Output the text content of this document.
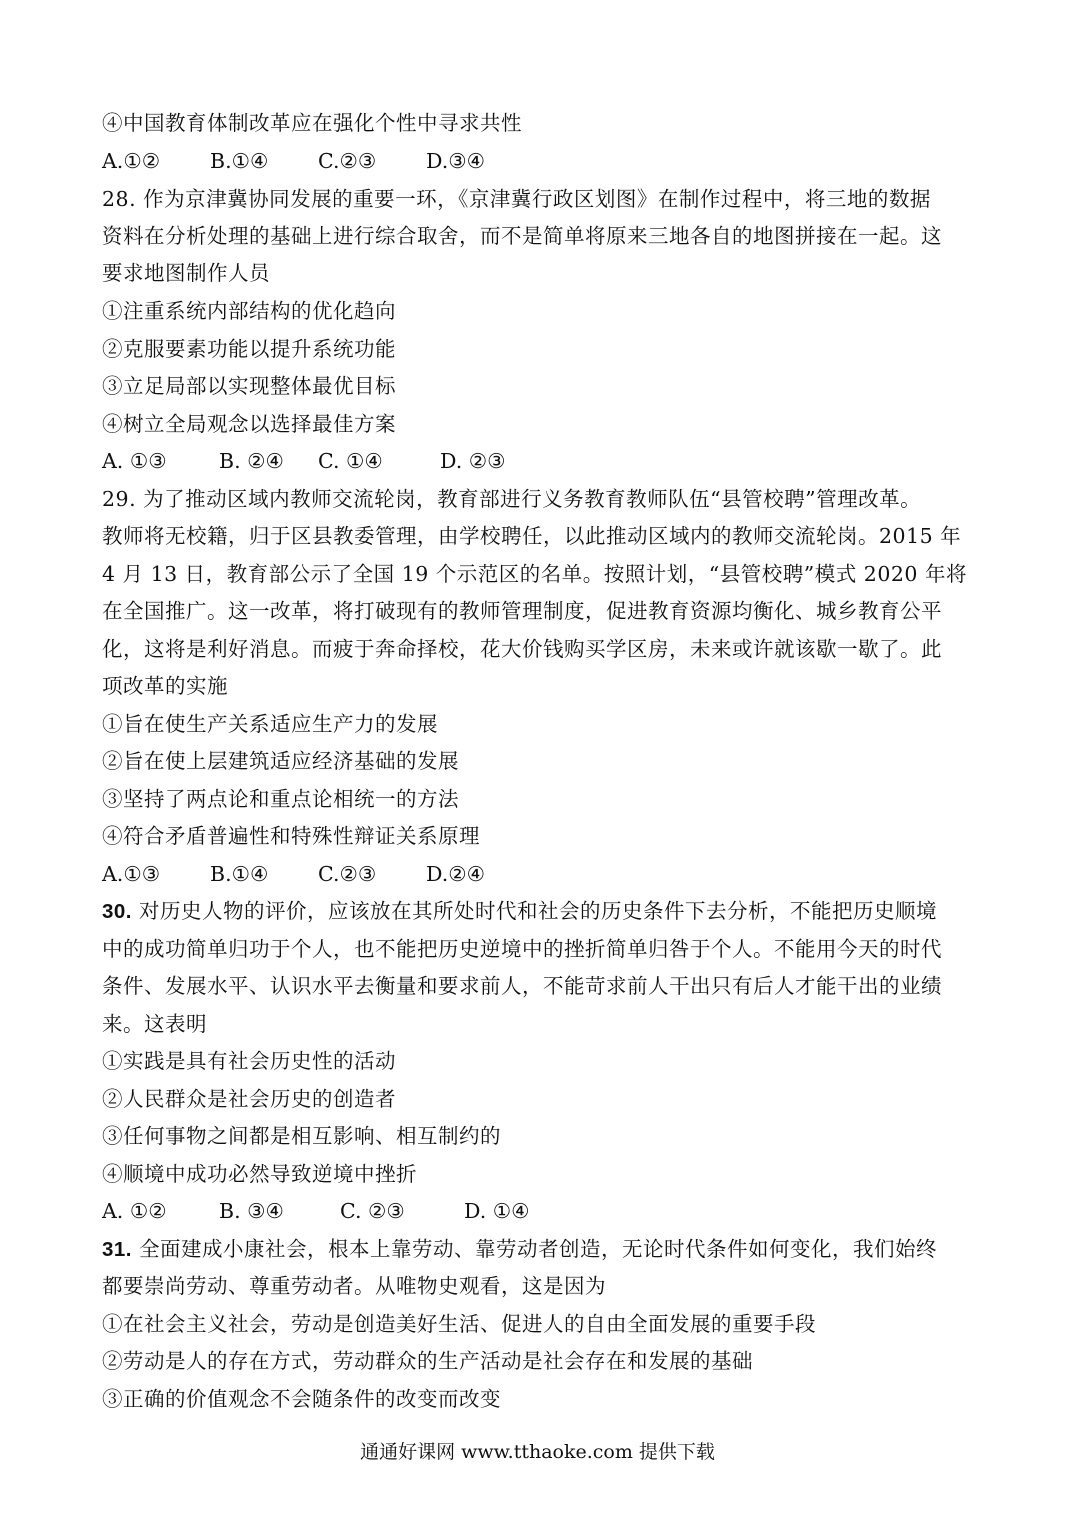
④中国教育体制改革应在强化个性中寻求共性
A.①② B.①④ C.②③ D.③④
28. 作为京津冀协同发展的重要一环，《京津冀行政区划图》在制作过程中，将三地的数据
资料在分析处理的基础上进行综合取舍，而不是简单将原来三地各自的地图拼接在一起。这
要求地图制作人员
①注重系统内部结构的优化趋向
②克服要素功能以提升系统功能
③立足局部以实现整体最优目标
④树立全局观念以选择最佳方案
A. ①③	B. ②④ C. ①④	D. ②③
29. 为了推动区域内教师交流轮岗，教育部进行义务教育教师队伍“县管校聘”管理改革。
教师将无校籍，归于区县教委管理，由学校聘任，以此推动区域内的教师交流轮岗。2015 年
4 月 13 日，教育部公示了全国 19 个示范区的名单。按照计划，“县管校聘”模式 2020 年将
在全国推广。这一改革，将打破现有的教师管理制度，促进教育资源均衡化、城乡教育公平
化，这将是利好消息。而疲于奔命择校，花大价钱购买学区房，未来或许就该歇一歇了。此
项改革的实施
①旨在使生产关系适应生产力的发展
②旨在使上层建筑适应经济基础的发展
③坚持了两点论和重点论相统一的方法
④符合矛盾普遍性和特殊性辩证关系原理
A.①③ B.①④ C.②③ D.②④
30. 对历史人物的评价，应该放在其所处时代和社会的历史条件下去分析，不能把历史顺境
中的成功简单归功于个人，也不能把历史逆境中的挫折简单归咎于个人。不能用今天的时代
条件、发展水平、认识水平去衡量和要求前人，不能苛求前人干出只有后人才能干出的业绩
来。这表明
①实践是具有社会历史性的活动
②人民群众是社会历史的创造者
③任何事物之间都是相互影响、相互制约的
④顺境中成功必然导致逆境中挫折
A. ①②	B. ③④	C. ②③	D. ①④
31. 全面建成小康社会，根本上靠劳动、靠劳动者创造，无论时代条件如何变化，我们始终
都要崇尚劳动、尊重劳动者。从唯物史观看，这是因为
①在社会主义社会，劳动是创造美好生活、促进人的自由全面发展的重要手段
②劳动是人的存在方式，劳动群众的生产活动是社会存在和发展的基础
③正确的价值观念不会随条件的改变而改变
通通好课网 www.tthaoke.com 提供下载
